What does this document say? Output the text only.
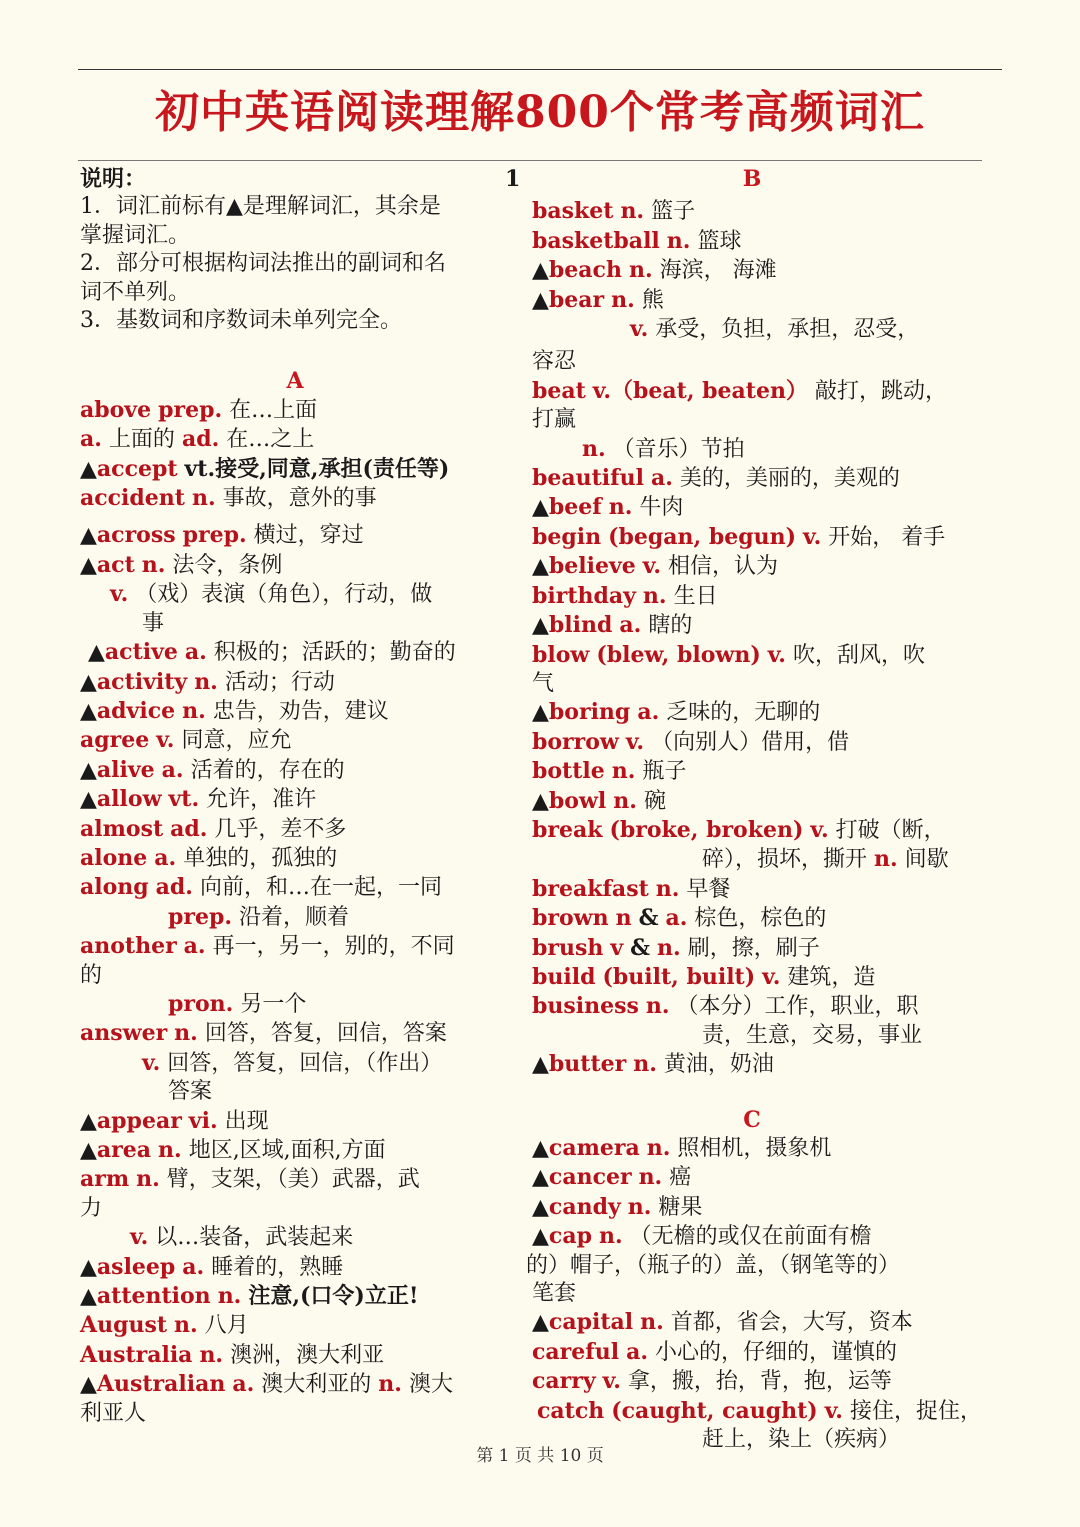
初中英语阅读理解800个常考高频词汇
1
说明：
1．词汇前标有▲是理解词汇，其余是
掌握词汇。
2．部分可根据构词法推出的副词和名
词不单列。
3．基数词和序数词未单列完全。
A
above prep. 在…上面
a. 上面的 ad. 在…之上
▲accept vt.接受,同意,承担(责任等)
accident n. 事故，意外的事
▲across prep. 横过，穿过
▲act n. 法令，条例
v. （戏）表演（角色），行动，做
事
▲active a. 积极的；活跃的；勤奋的
▲activity n. 活动；行动
▲advice n. 忠告，劝告，建议
agree v. 同意，应允
▲alive a. 活着的，存在的
▲allow vt. 允许，准许
almost ad. 几乎，差不多
alone a. 单独的，孤独的
along ad. 向前，和…在一起，一同
prep. 沿着，顺着
another a. 再一，另一，别的，不同
的
pron. 另一个
answer n. 回答，答复，回信，答案
v. 回答，答复，回信，（作出）
答案
▲appear vi. 出现
▲area n. 地区,区域,面积,方面
arm n. 臂，支架，（美）武器，武
力
v. 以…装备，武装起来
▲asleep a. 睡着的，熟睡
▲attention n. 注意,(口令)立正!
August n. 八月
Australia n. 澳洲，澳大利亚
▲Australian a. 澳大利亚的 n. 澳大
利亚人
B
basket n. 篮子
basketball n. 篮球
▲beach n. 海滨， 海滩
▲bear n. 熊
v. 承受，负担，承担，忍受，
容忍
beat v.（beat, beaten） 敲打，跳动，
打赢
n. （音乐）节拍
beautiful a. 美的，美丽的，美观的
▲beef n. 牛肉
begin (began, begun) v. 开始， 着手
▲believe v. 相信，认为
birthday n. 生日
▲blind a. 瞎的
blow (blew, blown) v. 吹，刮风，吹
气
▲boring a. 乏味的，无聊的
borrow v. （向别人）借用，借
bottle n. 瓶子
▲bowl n. 碗
break (broke, broken) v. 打破（断，
碎），损坏，撕开 n. 间歇
breakfast n. 早餐
brown n & a. 棕色，棕色的
brush v & n. 刷，擦，刷子
build (built, built) v. 建筑，造
business n. （本分）工作，职业，职
责，生意，交易，事业
▲butter n. 黄油，奶油
C
▲camera n. 照相机，摄象机
▲cancer n. 癌
▲candy n. 糖果
▲cap n. （无檐的或仅在前面有檐
的）帽子，（瓶子的）盖，（钢笔等的）
笔套
▲capital n. 首都，省会，大写，资本
careful a. 小心的，仔细的，谨慎的
carry v. 拿，搬，抬，背，抱，运等
catch (caught, caught) v. 接住，捉住，
赶上，染上（疾病）
第 1 页 共 10 页
